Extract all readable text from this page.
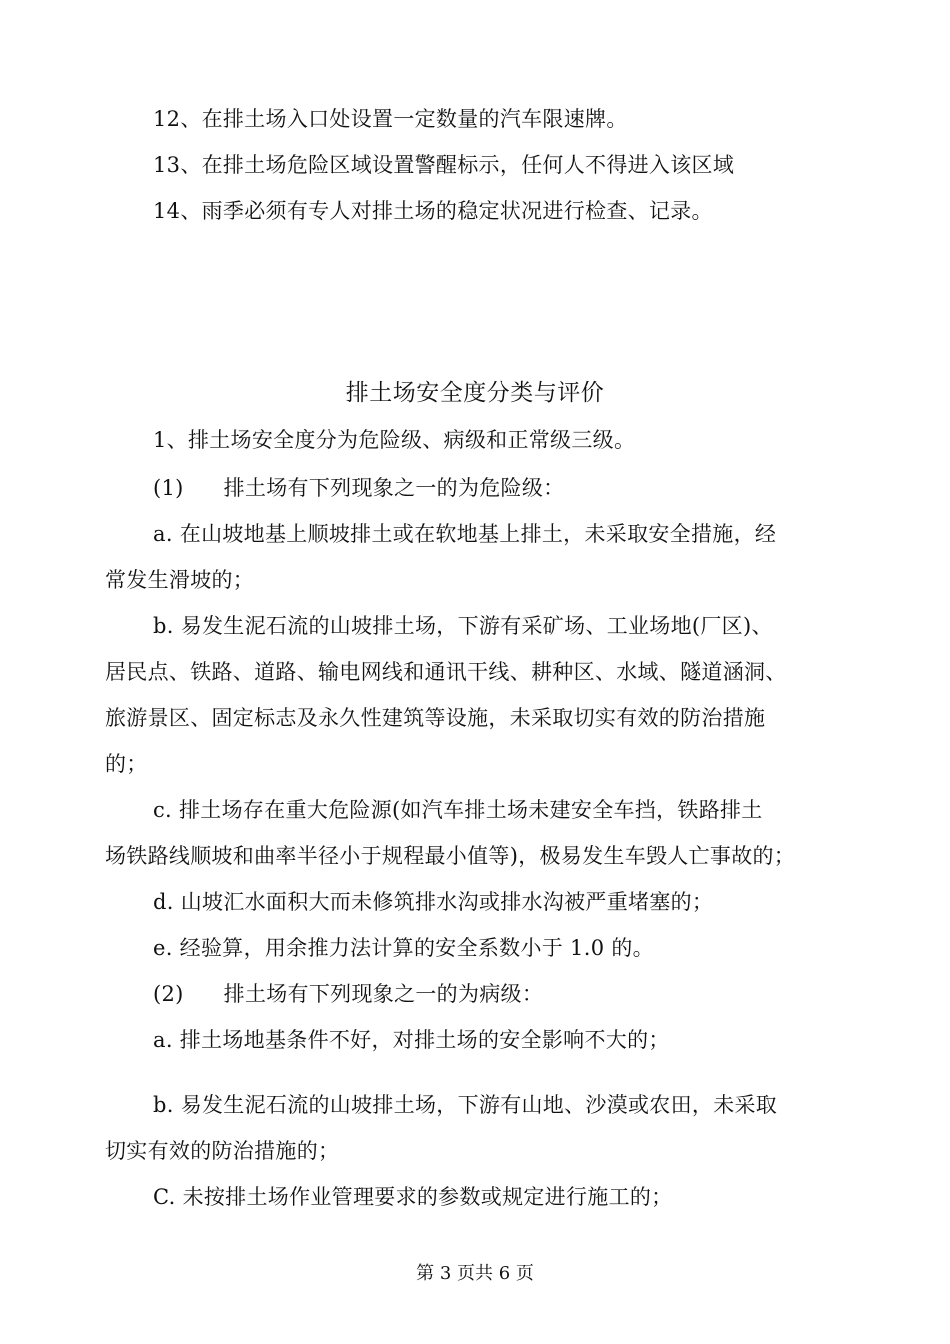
12、在排土场入口处设置一定数量的汽车限速牌。
13、在排土场危险区域设置警醒标示，任何人不得进入该区域
14、雨季必须有专人对排土场的稳定状况进行检查、记录。
排土场安全度分类与评价
1、排土场安全度分为危险级、病级和正常级三级。
(1) 排土场有下列现象之一的为危险级：
a. 在山坡地基上顺坡排土或在软地基上排土，未采取安全措施，经
常发生滑坡的；
b. 易发生泥石流的山坡排土场，下游有采矿场、工业场地(厂区)、
居民点、铁路、道路、输电网线和通讯干线、耕种区、水域、隧道涵洞、
旅游景区、固定标志及永久性建筑等设施，未采取切实有效的防治措施
的；
c. 排土场存在重大危险源(如汽车排土场未建安全车挡，铁路排土
场铁路线顺坡和曲率半径小于规程最小值等)，极易发生车毁人亡事故的；
d. 山坡汇水面积大而未修筑排水沟或排水沟被严重堵塞的；
e. 经验算，用余推力法计算的安全系数小于 1.0 的。
(2) 排土场有下列现象之一的为病级：
a. 排土场地基条件不好，对排土场的安全影响不大的；
b. 易发生泥石流的山坡排土场，下游有山地、沙漠或农田，未采取
切实有效的防治措施的；
C. 未按排土场作业管理要求的参数或规定进行施工的；
第 3 页共 6 页
